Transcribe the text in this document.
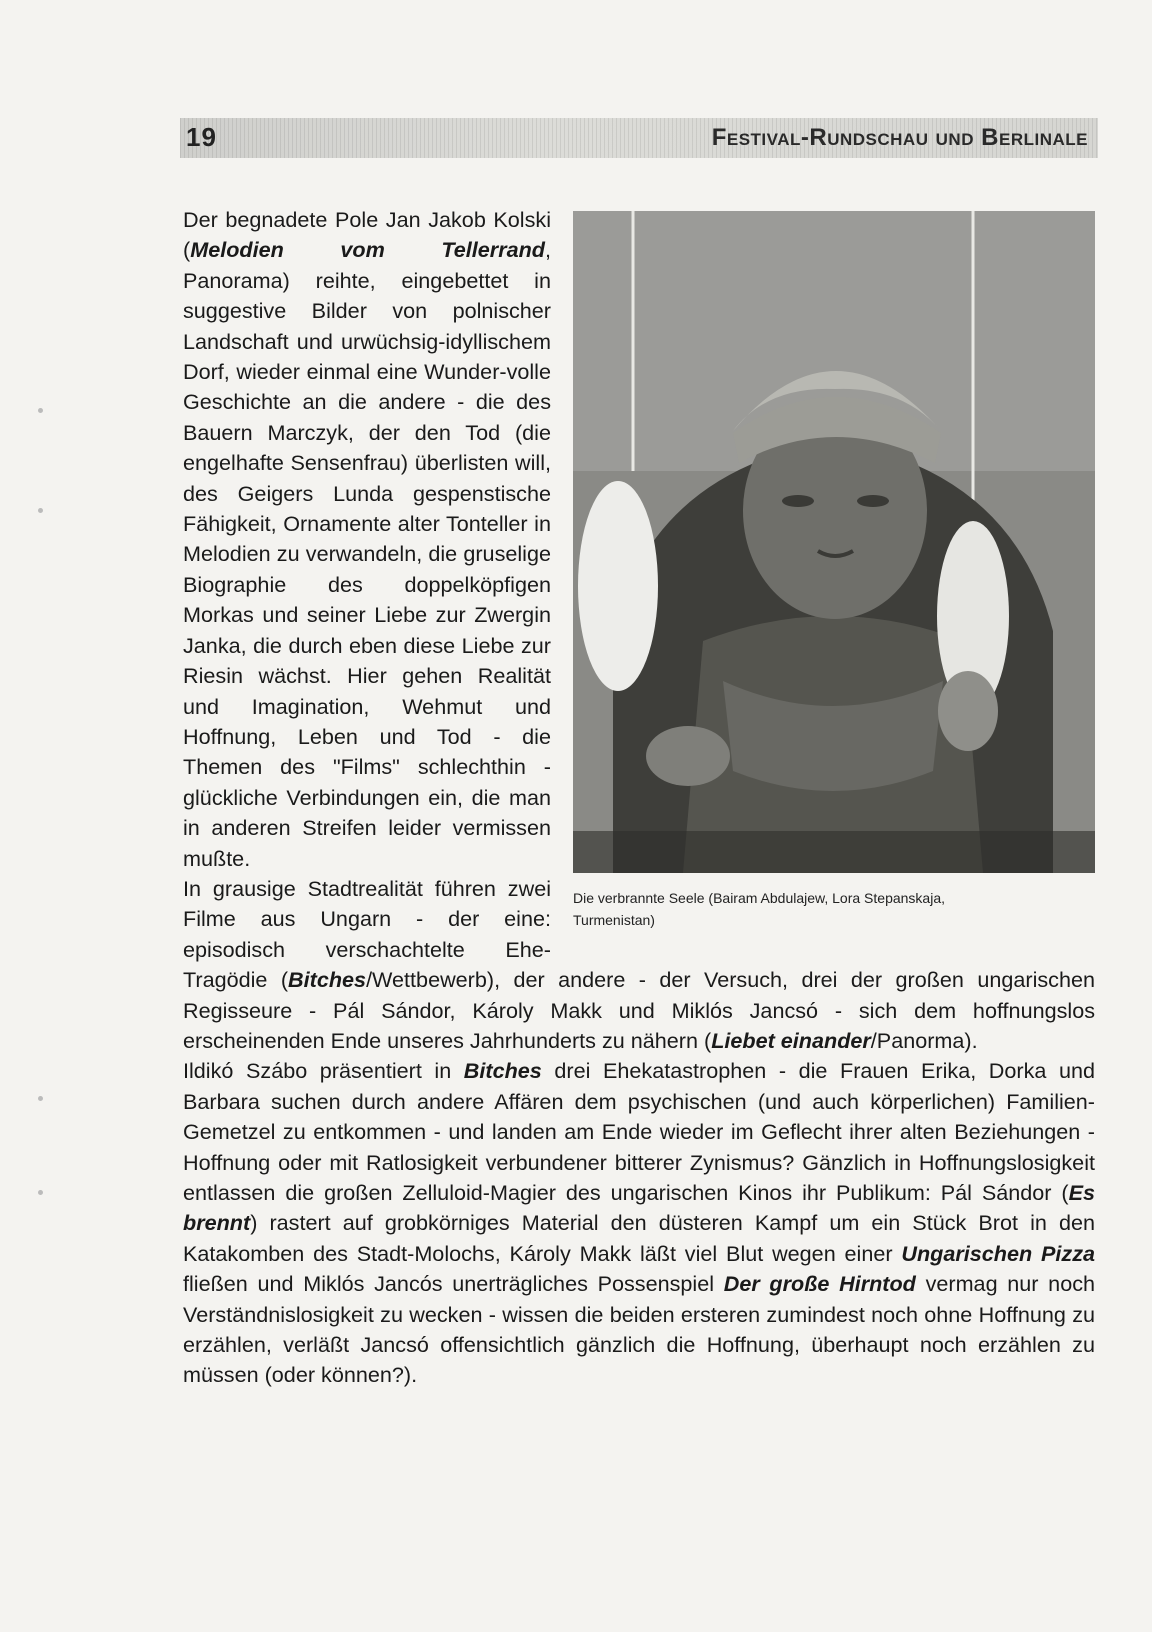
19	Festival-Rundschau und Berlinale
Die verbrannte Seele (Bairam Abdulajew, Lora Stepanskaja,
Turmenistan)

Der begnadete Pole Jan Jakob Kolski (Melodien vom Tellerrand, Panorama) reihte, eingebettet in suggestive Bilder von polnischer Landschaft und urwüchsig-idyllischem Dorf, wieder einmal eine Wunder-volle Geschichte an die andere - die des Bauern Marczyk, der den Tod (die engelhafte Sensenfrau) überlisten will, des Geigers Lunda gespenstische Fähigkeit, Ornamente alter Tonteller in Melodien zu verwandeln, die gruselige Biographie des doppelköpfigen Morkas und seiner Liebe zur Zwergin Janka, die durch eben diese Liebe zur Riesin wächst. Hier gehen Realität und Imagination, Wehmut und Hoffnung, Leben und Tod - die Themen des "Films" schlechthin - glückliche Verbindungen ein, die man in anderen Streifen leider vermissen mußte.

In grausige Stadtrealität führen zwei Filme aus Ungarn - der eine: episodisch verschachtelte Ehe-Tragödie (Bitches/Wettbewerb), der andere - der Versuch, drei der großen ungarischen Regisseure - Pál Sándor, Károly Makk und Miklós Jancsó - sich dem hoffnungslos erscheinenden Ende unseres Jahrhunderts zu nähern (Liebet einander/Panorma).

Ildikó Szábo präsentiert in Bitches drei Ehekatastrophen - die Frauen Erika, Dorka und Barbara suchen durch andere Affären dem psychischen (und auch körperlichen) Familien-Gemetzel zu entkommen - und landen am Ende wieder im Geflecht ihrer alten Beziehungen - Hoffnung oder mit Ratlosigkeit verbundener bitterer Zynismus? Gänzlich in Hoffnungslosigkeit entlassen die großen Zelluloid-Magier des ungarischen Kinos ihr Publikum: Pál Sándor (Es brennt) rastert auf grobkörniges Material den düsteren Kampf um ein Stück Brot in den Katakomben des Stadt-Molochs, Károly Makk läßt viel Blut wegen einer Ungarischen Pizza fließen und Miklós Jancós unerträgliches Possenspiel Der große Hirntod vermag nur noch Verständnislosigkeit zu wecken - wissen die beiden ersteren zumindest noch ohne Hoffnung zu erzählen, verläßt Jancsó offensichtlich gänzlich die Hoffnung, überhaupt noch erzählen zu müssen (oder können?).
